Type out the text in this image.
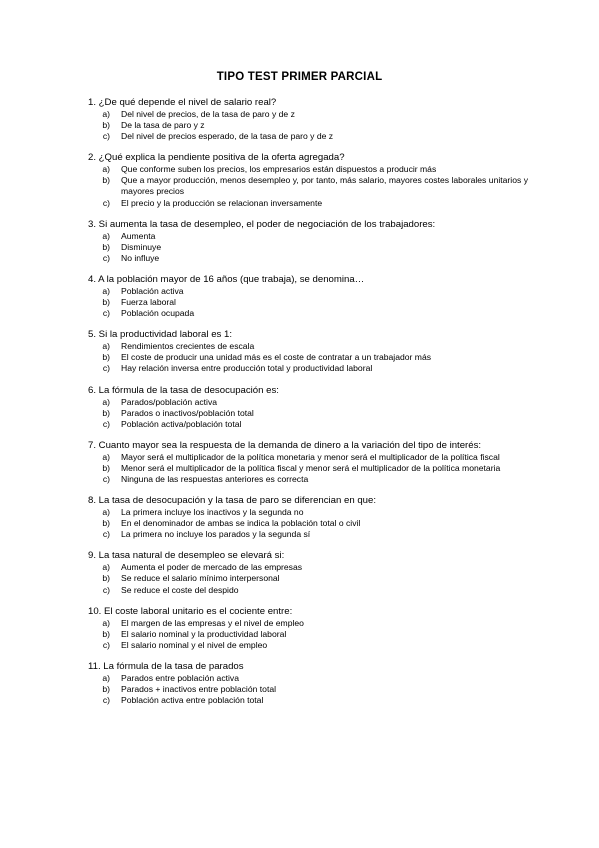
TIPO TEST PRIMER PARCIAL
1. ¿De qué depende el nivel de salario real?
a) Del nivel de precios, de la tasa de paro y de z
b) De la tasa de paro y z
c) Del nivel de precios esperado, de la tasa de paro y de z
2. ¿Qué explica la pendiente positiva de la oferta agregada?
a) Que conforme suben los precios, los empresarios están dispuestos a producir más
b) Que a mayor producción, menos desempleo y, por tanto, más salario, mayores costes laborales unitarios y mayores precios
c) El precio y la producción se relacionan inversamente
3. Si aumenta la tasa de desempleo, el poder de negociación de los trabajadores:
a) Aumenta
b) Disminuye
c) No influye
4. A la población mayor de 16 años (que trabaja), se denomina…
a) Población activa
b) Fuerza laboral
c) Población ocupada
5. Si la productividad laboral es 1:
a) Rendimientos crecientes de escala
b) El coste de producir una unidad más es el coste de contratar a un trabajador más
c) Hay relación inversa entre producción total y productividad laboral
6. La fórmula de la tasa de desocupación es:
a) Parados/población activa
b) Parados o inactivos/población total
c) Población activa/población total
7. Cuanto mayor sea la respuesta de la demanda de dinero a la variación del tipo de interés:
a) Mayor será el multiplicador de la política monetaria y menor será el multiplicador de la política fiscal
b) Menor será el multiplicador de la política fiscal y menor será el multiplicador de la política monetaria
c) Ninguna de las respuestas anteriores es correcta
8. La tasa de desocupación y la tasa de paro se diferencian en que:
a) La primera incluye los inactivos y la segunda no
b) En el denominador de ambas se indica la población total o civil
c) La primera no incluye los parados y la segunda sí
9. La tasa natural de desempleo se elevará si:
a) Aumenta el poder de mercado de las empresas
b) Se reduce el salario mínimo interpersonal
c) Se reduce el coste del despido
10. El coste laboral unitario es el cociente entre:
a) El margen de las empresas y el nivel de empleo
b) El salario nominal y la productividad laboral
c) El salario nominal y el nivel de empleo
11. La fórmula de la tasa de parados
a) Parados entre población activa
b) Parados + inactivos entre población total
c) Población activa entre población total
